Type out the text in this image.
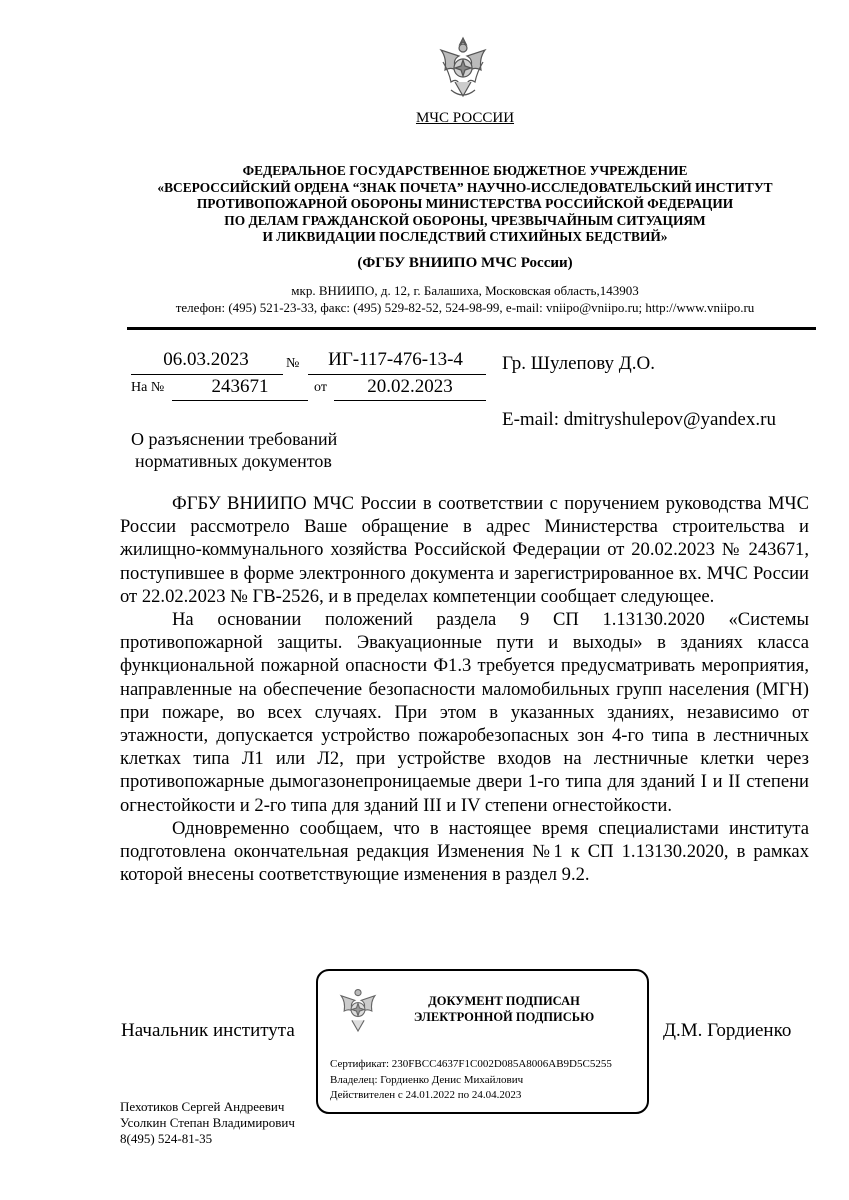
МЧС РОССИИ
ФЕДЕРАЛЬНОЕ ГОСУДАРСТВЕННОЕ БЮДЖЕТНОЕ УЧРЕЖДЕНИЕ
«ВСЕРОССИЙСКИЙ ОРДЕНА “ЗНАК ПОЧЕТА” НАУЧНО-ИССЛЕДОВАТЕЛЬСКИЙ ИНСТИТУТ
ПРОТИВОПОЖАРНОЙ ОБОРОНЫ МИНИСТЕРСТВА РОССИЙСКОЙ ФЕДЕРАЦИИ
ПО ДЕЛАМ ГРАЖДАНСКОЙ ОБОРОНЫ, ЧРЕЗВЫЧАЙНЫМ СИТУАЦИЯМ
И ЛИКВИДАЦИИ ПОСЛЕДСТВИЙ СТИХИЙНЫХ БЕДСТВИЙ»
(ФГБУ ВНИИПО МЧС России)
мкр. ВНИИПО, д. 12, г. Балашиха, Московская область,143903
телефон: (495) 521-23-33, факс: (495) 529-82-52, 524-98-99, e-mail: vniipo@vniipo.ru; http://www.vniipo.ru
06.03.2023	№	ИГ-117-476-13-4
На №	243671	от	20.02.2023
Гр. Шулепову Д.О.
E-mail: dmitryshulepov@yandex.ru
О разъяснении требований
нормативных документов

ФГБУ ВНИИПО МЧС России в соответствии с поручением руководства МЧС России рассмотрело Ваше обращение в адрес Министерства строительства и жилищно-коммунального хозяйства Российской Федерации от 20.02.2023 № 243671, поступившее в форме электронного документа и зарегистрированное вх. МЧС России от 22.02.2023 № ГВ-2526, и в пределах компетенции сообщает следующее.

На основании положений раздела 9 СП 1.13130.2020 «Системы противопожарной защиты. Эвакуационные пути и выходы» в зданиях класса функциональной пожарной опасности Ф1.3 требуется предусматривать мероприятия, направленные на обеспечение безопасности маломобильных групп населения (МГН) при пожаре, во всех случаях. При этом в указанных зданиях, независимо от этажности, допускается устройство пожаробезопасных зон 4-го типа в лестничных клетках типа Л1 или Л2, при устройстве входов на лестничные клетки через противопожарные дымогазонепроницаемые двери 1-го типа для зданий I и II степени огнестойкости и 2-го типа для зданий III и IV степени огнестойкости.

Одновременно сообщаем, что в настоящее время специалистами института подготовлена окончательная редакция Изменения №1 к СП 1.13130.2020, в рамках которой внесены соответствующие изменения в раздел 9.2.

Начальник института	Д.М. Гордиенко
ДОКУМЕНТ ПОДПИСАН
ЭЛЕКТРОННОЙ ПОДПИСЬЮ
Сертификат: 230FBCC4637F1C002D085A8006AB9D5C5255
Владелец: Гордиенко Денис Михайлович
Действителен с 24.01.2022 по 24.04.2023
Пехотиков Сергей Андреевич
Усолкин Степан Владимирович
8(495) 524-81-35
